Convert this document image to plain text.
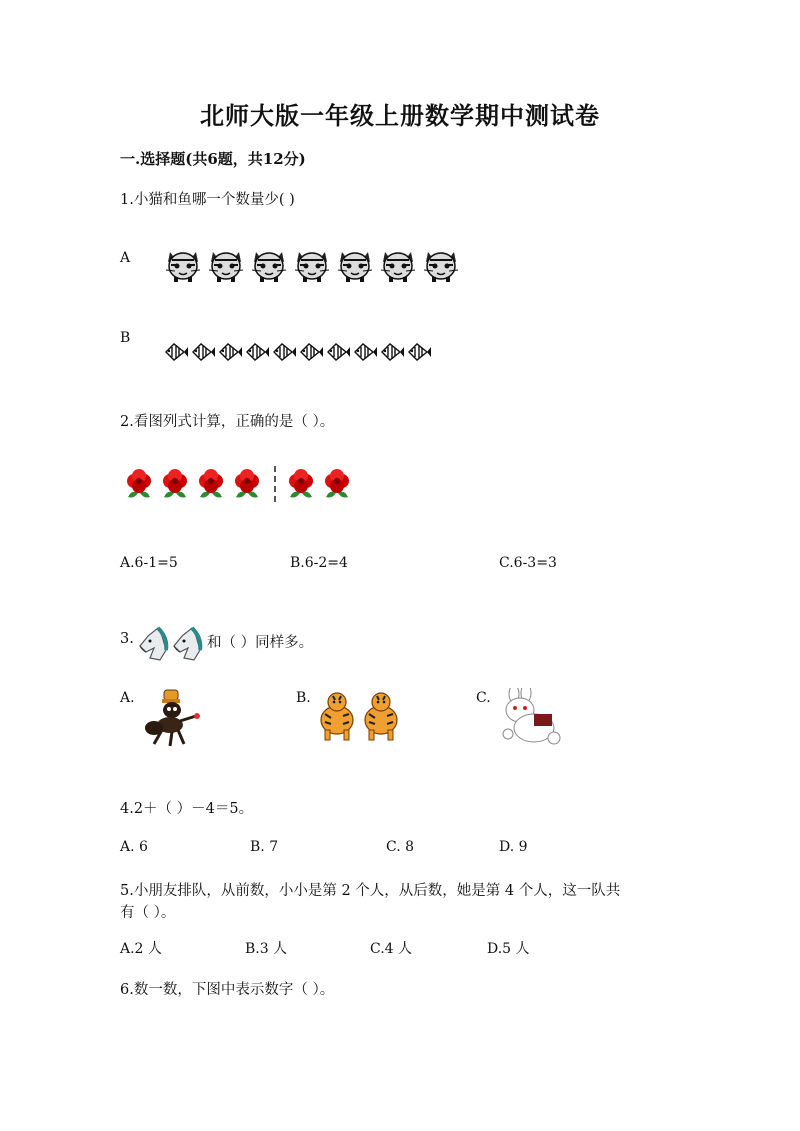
北师大版一年级上册数学期中测试卷
一.选择题(共6题，共12分)
1.小猫和鱼哪一个数量少( )
A
B
2.看图列式计算，正确的是（ ）。
A.6-1=5	B.6-2=4	C.6-3=3
3.	和（ ）同样多。
A.	B.	C.
4.2＋（ ）－4＝5。
A. 6	B. 7	C. 8	D. 9
5.小朋友排队，从前数，小小是第 2 个人，从后数，她是第 4 个人，这一队共
有（ ）。
A.2 人	B.3 人	C.4 人	D.5 人
6.数一数，下图中表示数字（ ）。
